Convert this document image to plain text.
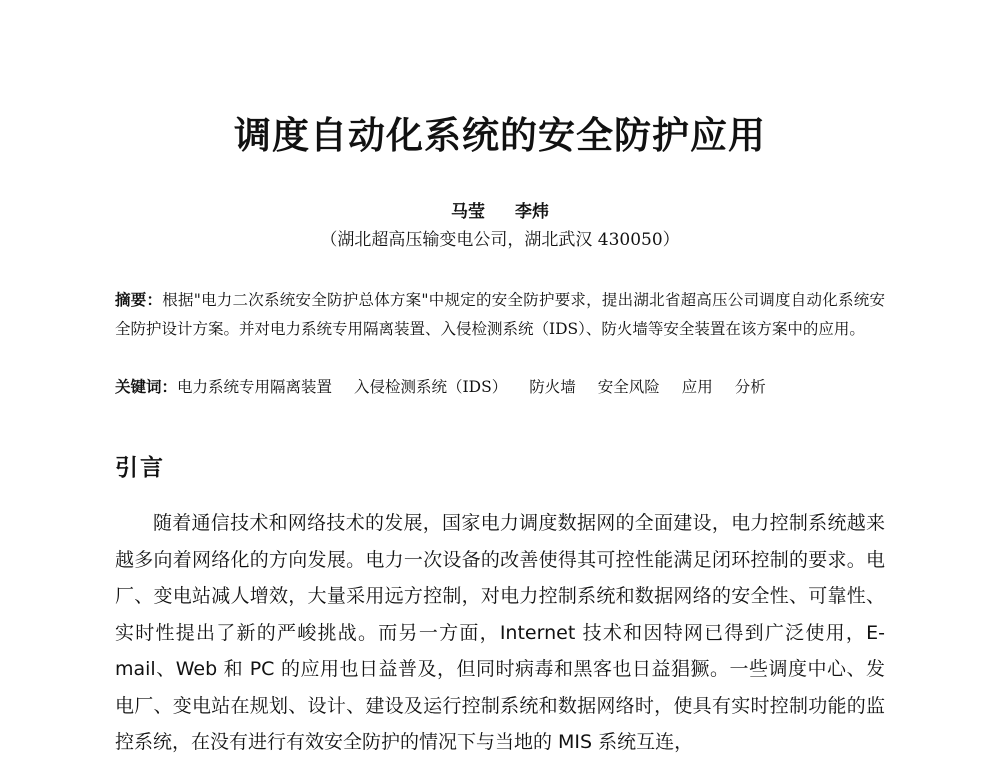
调度自动化系统的安全防护应用
马莹 李炜
（湖北超高压输变电公司，湖北武汉 430050）

摘要：根据"电力二次系统安全防护总体方案"中规定的安全防护要求，提出湖北省超高压公司调度自动化系统安全防护设计方案。并对电力系统专用隔离装置、入侵检测系统（IDS）、防火墙等安全装置在该方案中的应用。

关键词：电力系统专用隔离装置 入侵检测系统（IDS） 防火墙 安全风险 应用 分析

引言

随着通信技术和网络技术的发展，国家电力调度数据网的全面建设，电力控制系统越来越多向着网络化的方向发展。电力一次设备的改善使得其可控性能满足闭环控制的要求。电厂、变电站减人增效，大量采用远方控制，对电力控制系统和数据网络的安全性、可靠性、实时性提出了新的严峻挑战。而另一方面，Internet 技术和因特网已得到广泛使用，E-mail、Web 和 PC 的应用也日益普及，但同时病毒和黑客也日益猖獗。一些调度中心、发电厂、变电站在规划、设计、建设及运行控制系统和数据网络时，使具有实时控制功能的监控系统，在没有进行有效安全防护的情况下与当地的 MIS 系统互连，
